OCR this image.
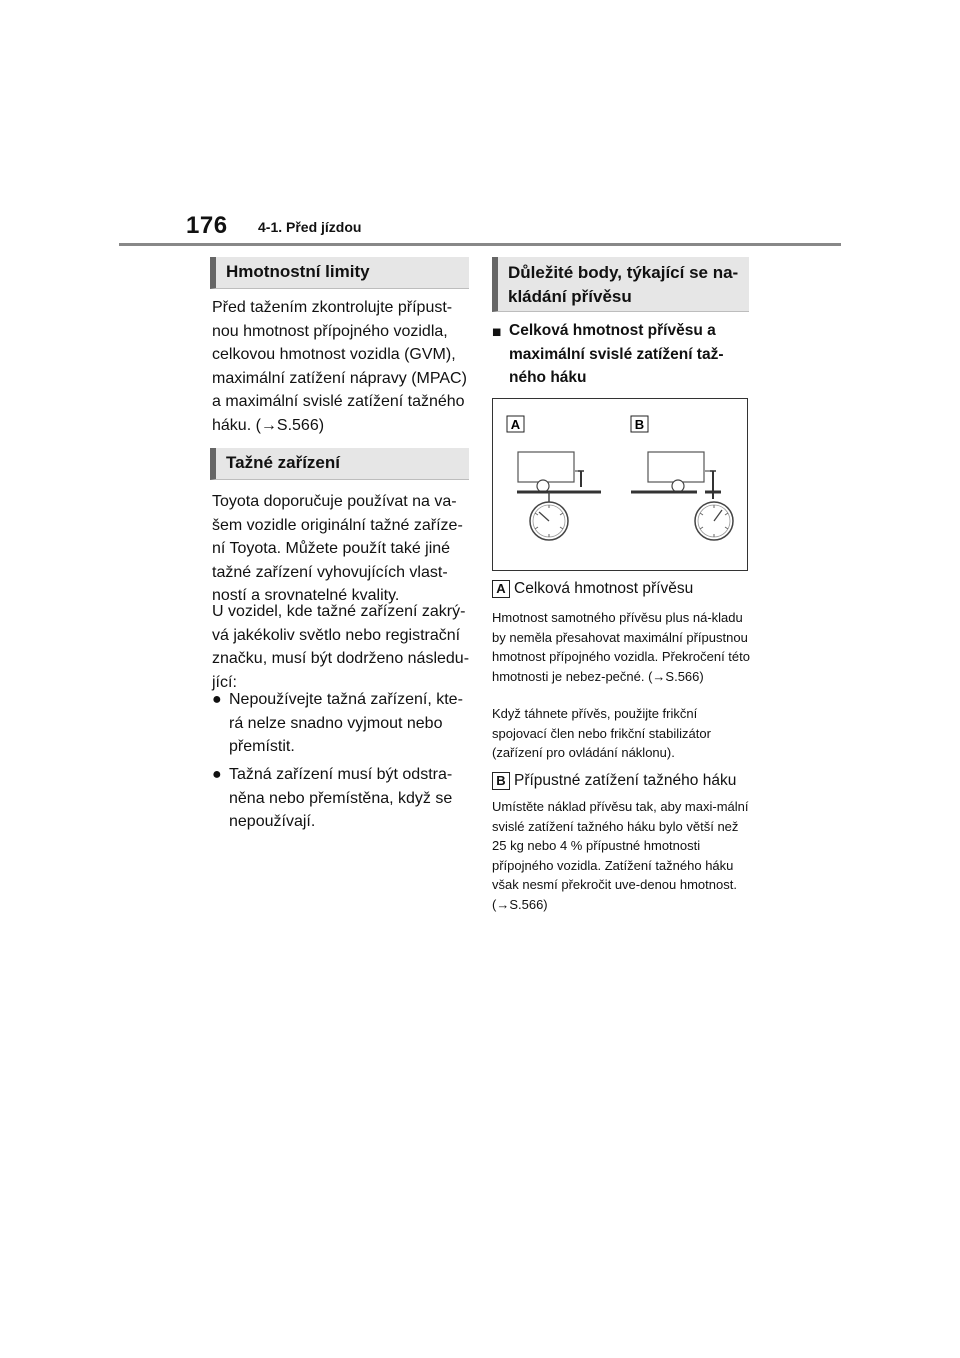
176 4-1. Před jízdou
Hmotnostní limity
Před tažením zkontrolujte přípust-nou hmotnost přípojného vozidla, celkovou hmotnost vozidla (GVM), maximální zatížení nápravy (MPAC) a maximální svislé zatížení tažného háku. (→S.566)
Tažné zařízení
Toyota doporučuje používat na va-šem vozidle originální tažné zaříze-ní Toyota. Můžete použít také jiné tažné zařízení vyhovujících vlast-ností a srovnatelné kvality.
U vozidel, kde tažné zařízení zakrý-vá jakékoliv světlo nebo registrační značku, musí být dodrženo následu-jící:
● Nepoužívejte tažná zařízení, kte-rá nelze snadno vyjmout nebo přemístit.
● Tažná zařízení musí být odstra-něna nebo přemístěna, když se nepoužívají.
Důležité body, týkající se na-kládání přívěsu
■ Celková hmotnost přívěsu a maximální svislé zatížení taž-ného háku
A	B
A Celková hmotnost přívěsu
Hmotnost samotného přívěsu plus ná-kladu by neměla přesahovat maximální přípustnou hmotnost přípojného vozidla. Překročení této hmotnosti je nebez-pečné. (→S.566)
Když táhnete přívěs, použijte frikční spojovací člen nebo frikční stabilizátor (zařízení pro ovládání náklonu).
B Přípustné zatížení tažného háku
Umístěte náklad přívěsu tak, aby maxi-mální svislé zatížení tažného háku bylo větší než 25 kg nebo 4 % přípustné hmotnosti přípojného vozidla. Zatížení tažného háku však nesmí překročit uve-denou hmotnost. (→S.566)
